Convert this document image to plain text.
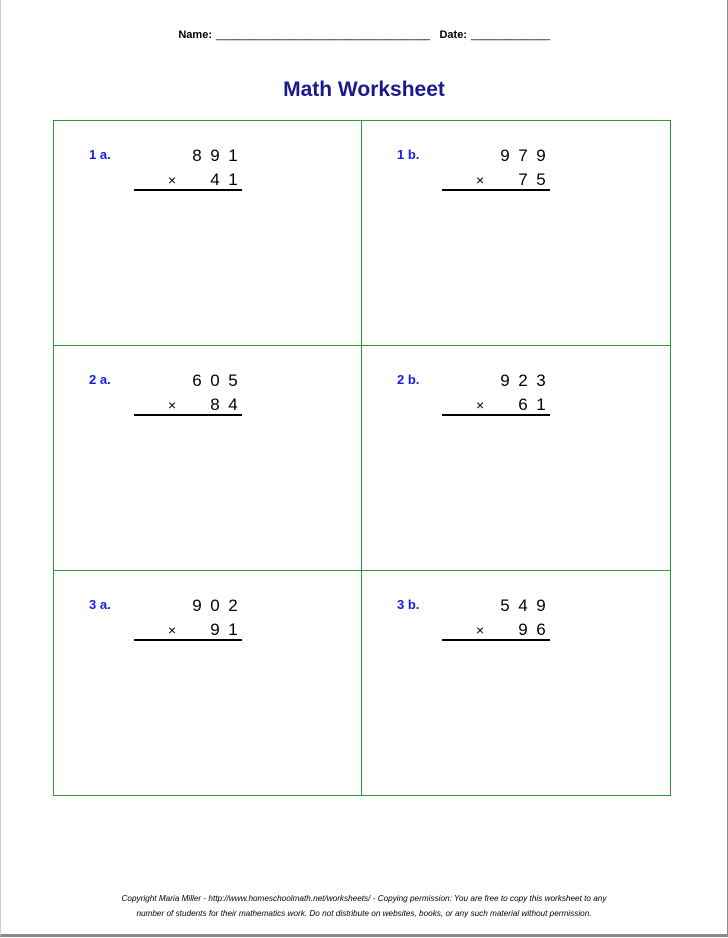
Name: ______________________________________ Date: ______________
Math Worksheet
1 a.	8 9 1
× 4 1
1 b.	9 7 9
× 7 5
2 a.	6 0 5
× 8 4
2 b.	9 2 3
× 6 1
3 a.	9 0 2
× 9 1
3 b.	5 4 9
× 9 6
Copyright Maria Miller - http://www.homeschoolmath.net/worksheets/ - Copying permission: You are free to copy this worksheet to any
number of students for their mathematics work. Do not distribute on websites, books, or any such material without permission.
